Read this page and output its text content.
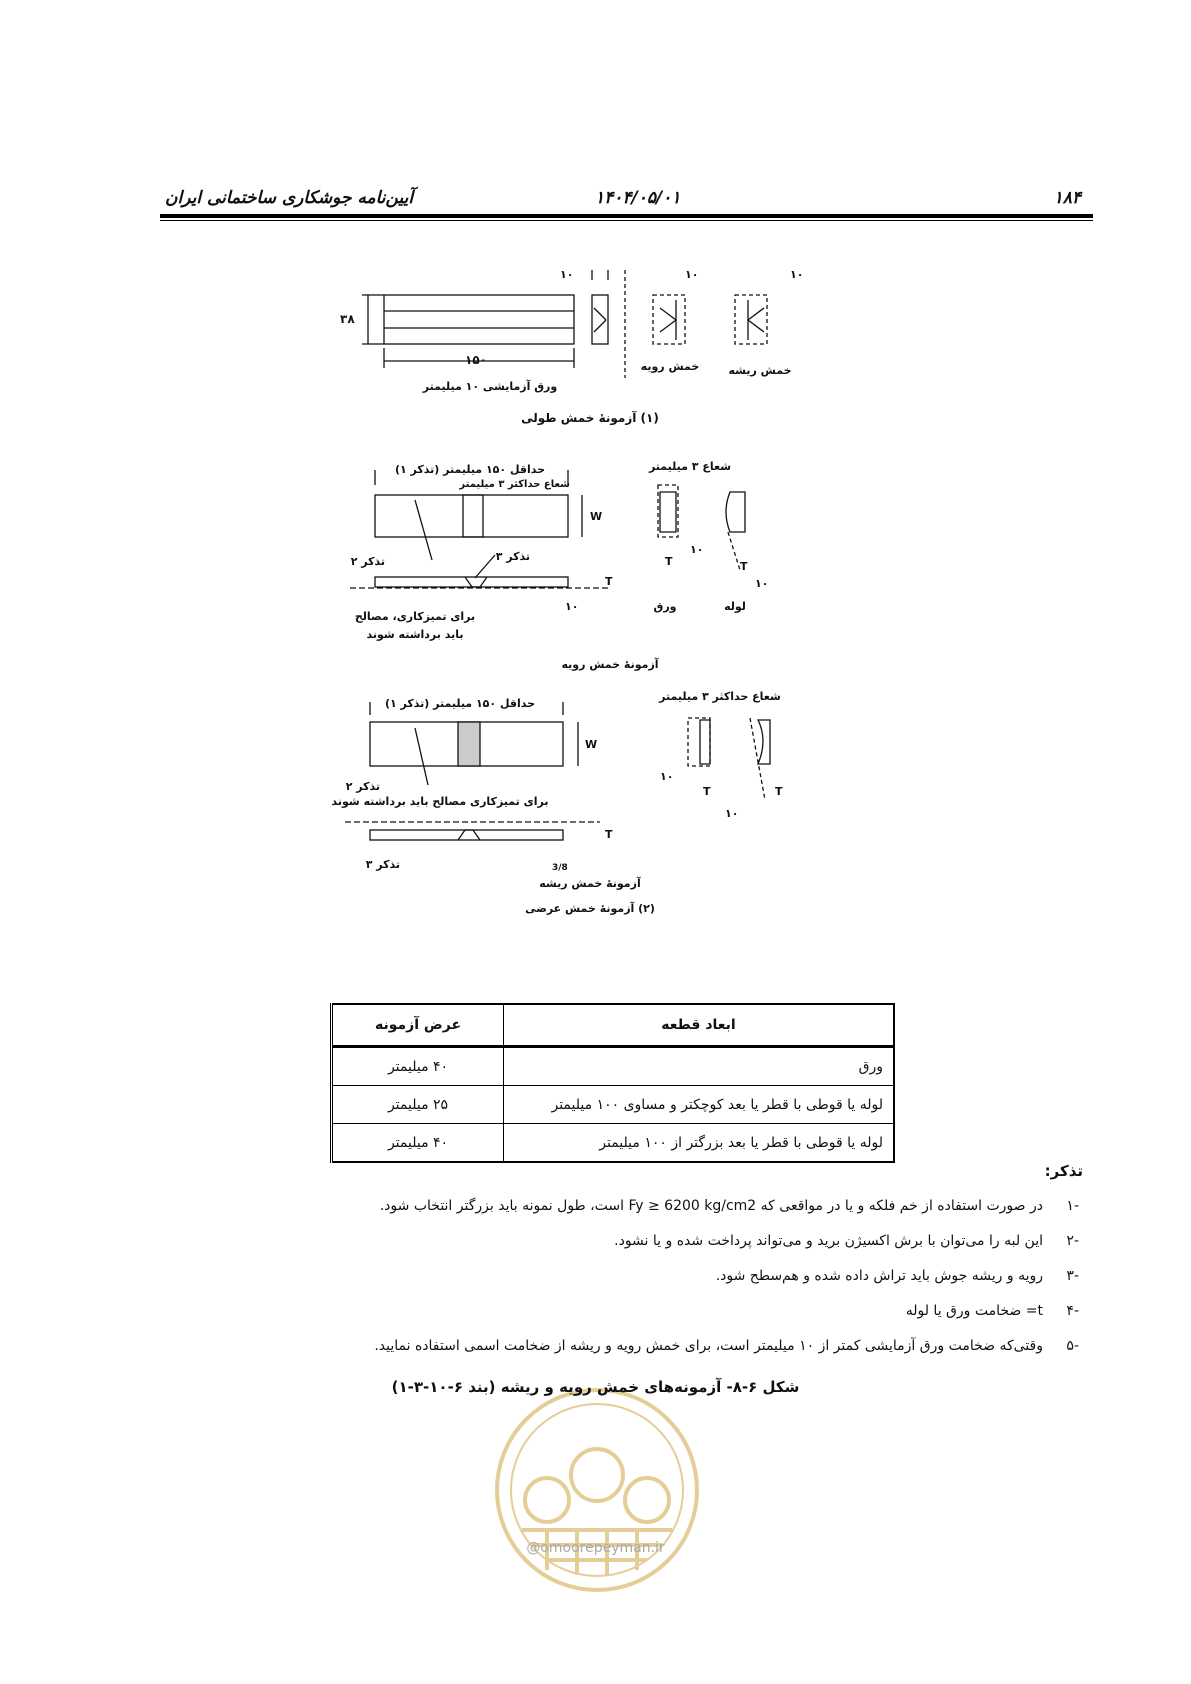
۱۸۴
۱۴۰۴/۰۵/۰۱
آیین‌نامه جوشکاری ساختمانی ایران
۳۸
۱۵۰
۱۰	۱۰	۱۰
خمش رویه	خمش ریشه
ورق آزمایشی ۱۰ میلیمتر
(۱) آزمونهٔ خمش طولی
حداقل ۱۵۰ میلیمتر (تذکر ۱)
شعاع حداکثر ۳ میلیمتر
W
تذکر ۲	تذکر ۳
T
۱۰
برای تمیزکاری، مصالح
باید برداشته شوند
شعاع ۳ میلیمتر
۱۰
T	T
۱۰
ورق	لوله
آزمونهٔ خمش رویه
حداقل ۱۵۰ میلیمتر (تذکر ۱)
W
تذکر ۲
برای تمیزکاری مصالح باید برداشته شوند
T
تذکر ۳	3/8
آزمونهٔ خمش ریشه
(۲) آزمونهٔ خمش عرضی
شعاع حداکثر ۳ میلیمتر
۱۰
T	T
۱۰
ابعاد قطعه	عرض آزمونه
ورق	۴۰ میلیمتر
لوله یا قوطی با قطر یا بعد کوچکتر و مساوی ۱۰۰ میلیمتر	۲۵ میلیمتر
لوله یا قوطی با قطر یا بعد بزرگتر از ۱۰۰ میلیمتر	۴۰ میلیمتر
تذکر:
-۱
در صورت استفاده از خم فلکه و یا در مواقعی که Fy ≥ 6200 kg/cm2 است، طول نمونه باید بزرگتر انتخاب شود.
-۲
این لبه را می‌توان با برش اکسیژن برید و می‌تواند پرداخت شده و یا نشود.
-۳
رویه و ریشه جوش باید تراش داده شده و هم‌سطح شود.
-۴
t= ضخامت ورق یا لوله
-۵
وقتی‌که ضخامت ورق آزمایشی کمتر از ۱۰ میلیمتر است، برای خمش رویه و ریشه از ضخامت اسمی استفاده نمایید.
شکل ۶-۸- آزمونه‌های خمش رویه و ریشه (بند ۶-۱۰-۳-۱)
@omoorepeyman.ir
